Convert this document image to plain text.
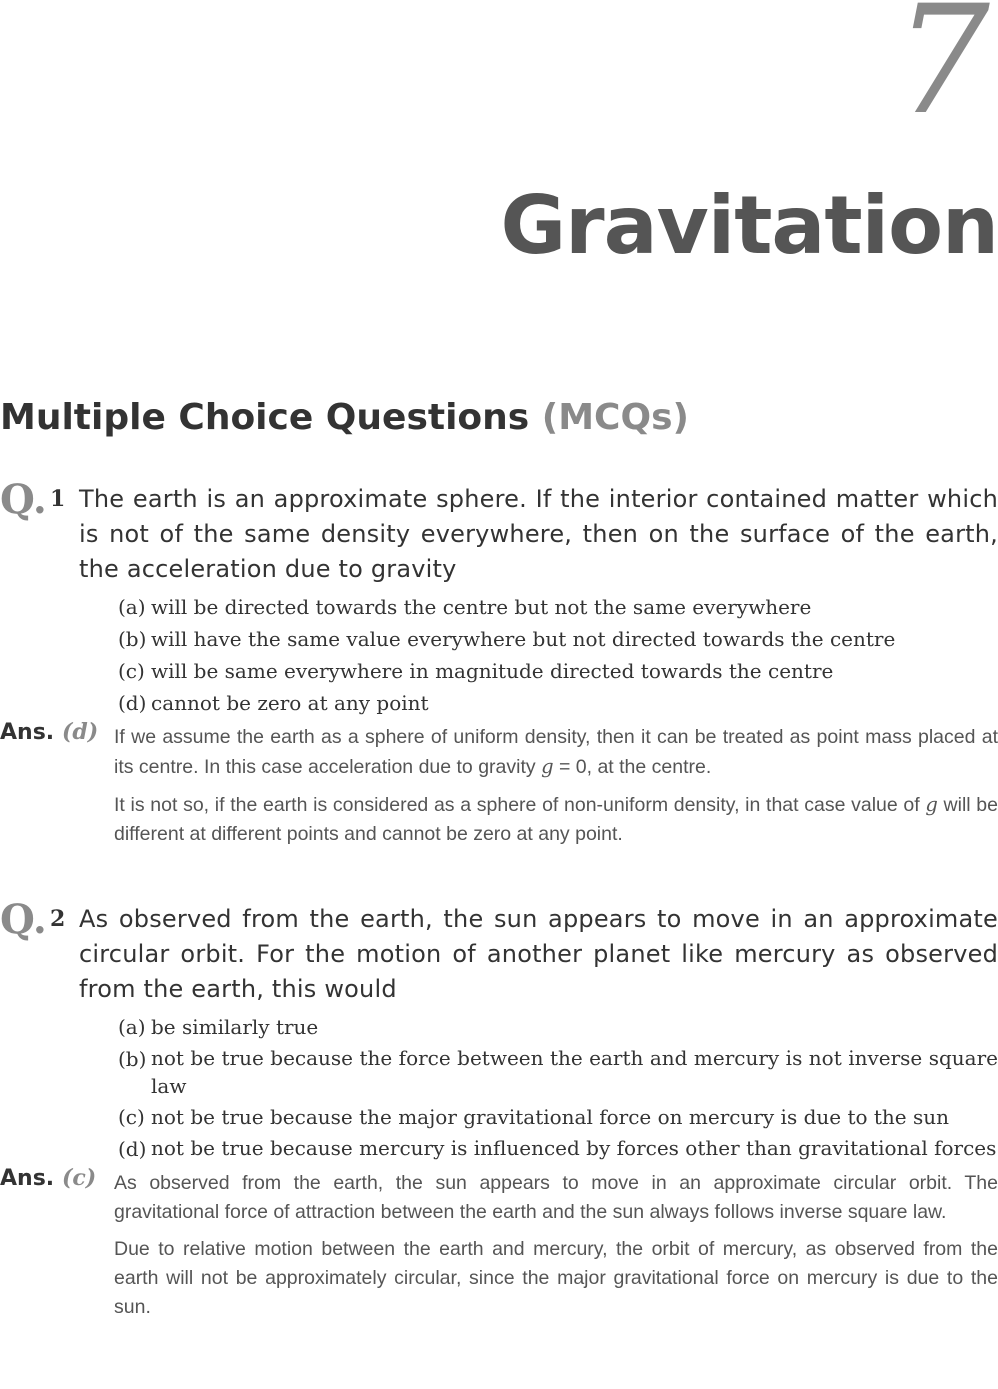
7
Gravitation
Multiple Choice Questions (MCQs)
Q. 1 The earth is an approximate sphere. If the interior contained matter which is not of the same density everywhere, then on the surface of the earth, the acceleration due to gravity
(a) will be directed towards the centre but not the same everywhere
(b) will have the same value everywhere but not directed towards the centre
(c) will be same everywhere in magnitude directed towards the centre
(d) cannot be zero at any point
Ans. (d) If we assume the earth as a sphere of uniform density, then it can be treated as point mass placed at its centre. In this case acceleration due to gravity g = 0, at the centre.
It is not so, if the earth is considered as a sphere of non-uniform density, in that case value of g will be different at different points and cannot be zero at any point.
Q. 2 As observed from the earth, the sun appears to move in an approximate circular orbit. For the motion of another planet like mercury as observed from the earth, this would
(a) be similarly true
(b) not be true because the force between the earth and mercury is not inverse square law
(c) not be true because the major gravitational force on mercury is due to the sun
(d) not be true because mercury is influenced by forces other than gravitational forces
Ans. (c) As observed from the earth, the sun appears to move in an approximate circular orbit. The gravitational force of attraction between the earth and the sun always follows inverse square law.
Due to relative motion between the earth and mercury, the orbit of mercury, as observed from the earth will not be approximately circular, since the major gravitational force on mercury is due to the sun.
